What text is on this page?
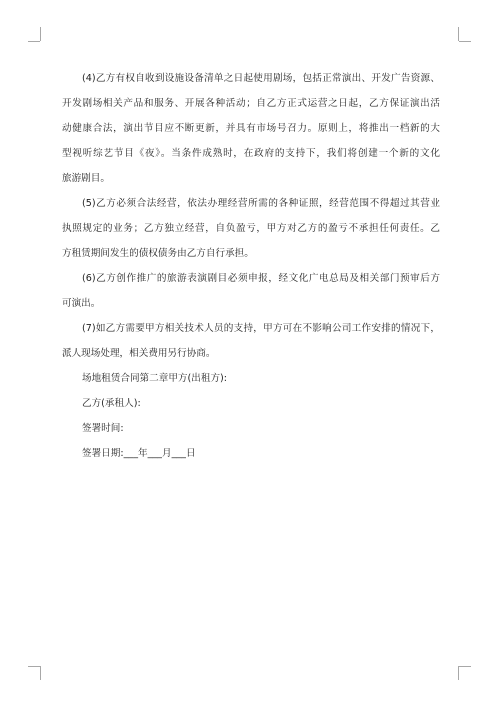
(4)乙方有权自收到设施设备清单之日起使用剧场，包括正常演出、开发广告资源、
开发剧场相关产品和服务、开展各种活动；自乙方正式运营之日起，乙方保证演出活
动健康合法，演出节目应不断更新，并具有市场号召力。原则上，将推出一档新的大
型视听综艺节目《夜》。当条件成熟时，在政府的支持下，我们将创建一个新的文化
旅游剧目。
(5)乙方必须合法经营，依法办理经营所需的各种证照，经营范围不得超过其营业
执照规定的业务；乙方独立经营，自负盈亏，甲方对乙方的盈亏不承担任何责任。乙
方租赁期间发生的债权债务由乙方自行承担。
(6)乙方创作推广的旅游表演剧目必须申报，经文化广电总局及相关部门预审后方
可演出。
(7)如乙方需要甲方相关技术人员的支持，甲方可在不影响公司工作安排的情况下，
派人现场处理，相关费用另行协商。
场地租赁合同第二章甲方(出租方):
乙方(承租人):
签署时间:
签署日期:___年___月___日
